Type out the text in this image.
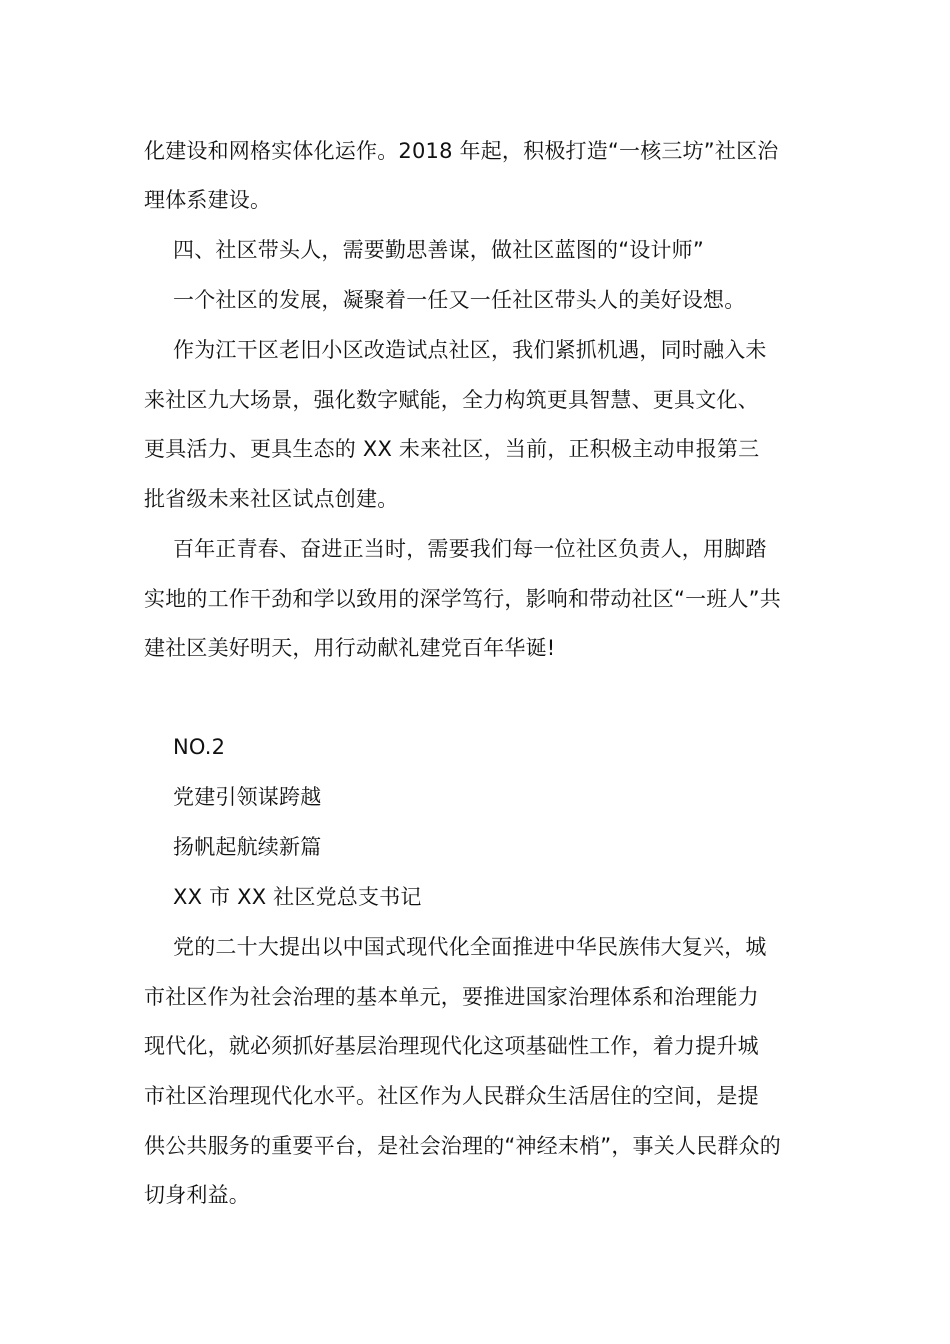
化建设和网格实体化运作。2018 年起，积极打造“一核三坊”社区治
理体系建设。
四、社区带头人，需要勤思善谋，做社区蓝图的“设计师”
一个社区的发展，凝聚着一任又一任社区带头人的美好设想。
作为江干区老旧小区改造试点社区，我们紧抓机遇，同时融入未
来社区九大场景，强化数字赋能，全力构筑更具智慧、更具文化、
更具活力、更具生态的 XX 未来社区，当前，正积极主动申报第三
批省级未来社区试点创建。
百年正青春、奋进正当时，需要我们每一位社区负责人，用脚踏
实地的工作干劲和学以致用的深学笃行，影响和带动社区“一班人”共
建社区美好明天，用行动献礼建党百年华诞!
NO.2
党建引领谋跨越
扬帆起航续新篇
XX 市 XX 社区党总支书记
党的二十大提出以中国式现代化全面推进中华民族伟大复兴，城
市社区作为社会治理的基本单元，要推进国家治理体系和治理能力
现代化，就必须抓好基层治理现代化这项基础性工作，着力提升城
市社区治理现代化水平。社区作为人民群众生活居住的空间，是提
供公共服务的重要平台，是社会治理的“神经末梢”，事关人民群众的
切身利益。
